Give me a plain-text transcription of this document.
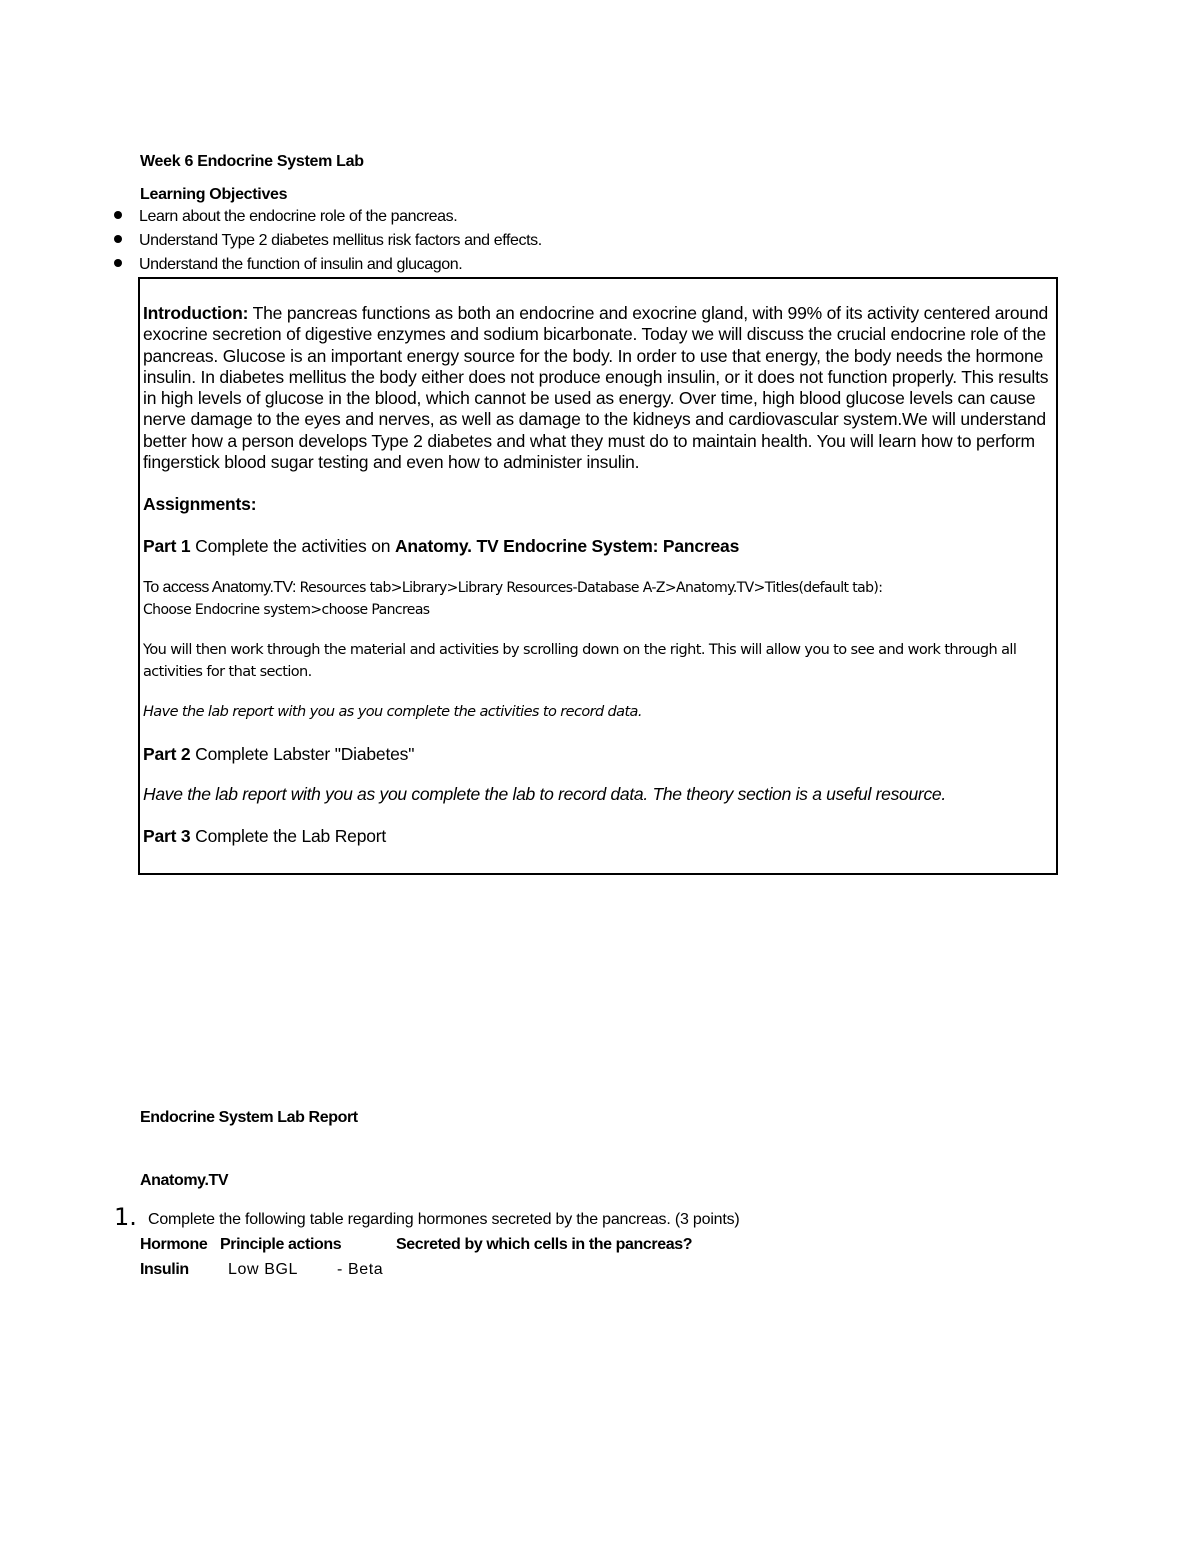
Week 6 Endocrine System Lab
Learning Objectives
Learn about the endocrine role of the pancreas.
Understand Type 2 diabetes mellitus risk factors and effects.
Understand the function of insulin and glucagon.

Introduction: The pancreas functions as both an endocrine and exocrine gland, with 99% of its activity centered around exocrine secretion of digestive enzymes and sodium bicarbonate. Today we will discuss the crucial endocrine role of the pancreas. Glucose is an important energy source for the body. In order to use that energy, the body needs the hormone insulin. In diabetes mellitus the body either does not produce enough insulin, or it does not function properly. This results in high levels of glucose in the blood, which cannot be used as energy. Over time, high blood glucose levels can cause nerve damage to the eyes and nerves, as well as damage to the kidneys and cardiovascular system.We will understand better how a person develops Type 2 diabetes and what they must do to maintain health. You will learn how to perform fingerstick blood sugar testing and even how to administer insulin.

Assignments:

Part 1 Complete the activities on Anatomy. TV Endocrine System: Pancreas

To access Anatomy.TV: Resources tab>Library>Library Resources-Database A-Z>Anatomy.TV>Titles(default tab):
Choose Endocrine system>choose Pancreas

You will then work through the material and activities by scrolling down on the right. This will allow you to see and work through all activities for that section.

Have the lab report with you as you complete the activities to record data.

Part 2 Complete Labster "Diabetes"

Have the lab report with you as you complete the lab to record data. The theory section is a useful resource.

Part 3 Complete the Lab Report

Endocrine System Lab Report
Anatomy.TV
1. Complete the following table regarding hormones secreted by the pancreas. (3 points)
Hormone Principle actions	Secreted by which cells in the pancreas?
Insulin Low BGL - Beta
